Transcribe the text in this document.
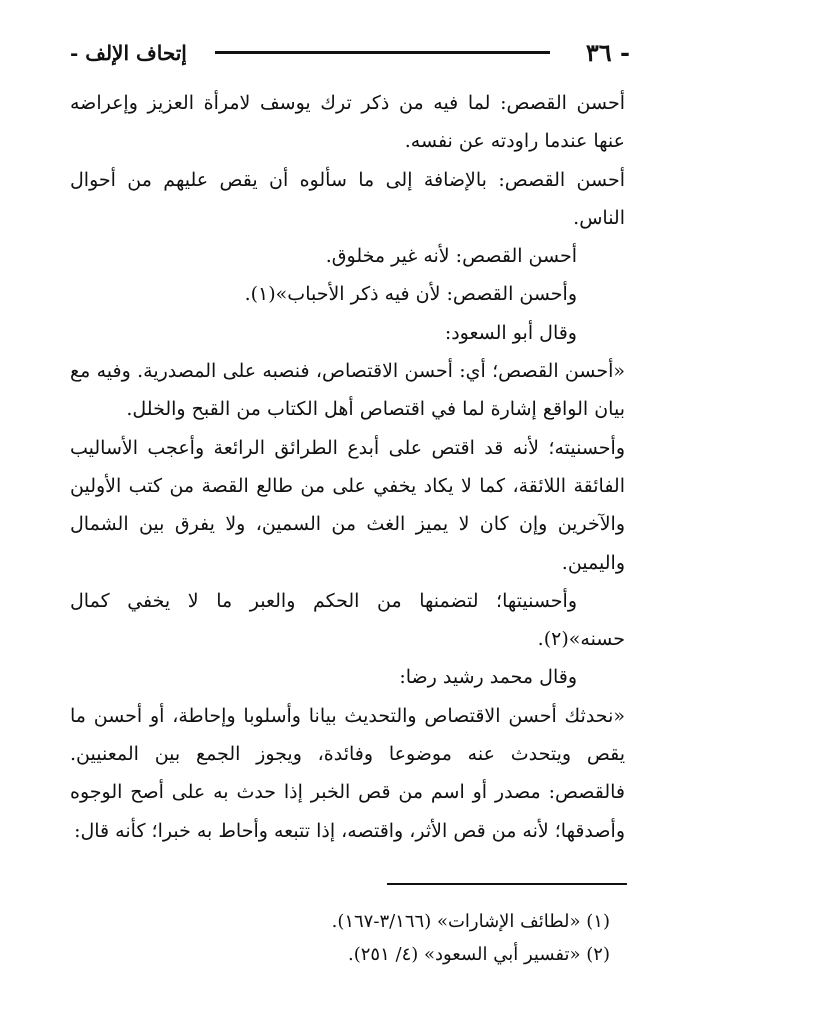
- ٣٦
إتحاف الإلف -

أحسن القصص: لما فيه من ذكر ترك يوسف لامرأة العزيز وإعراضه عنها عندما راودته عن نفسه.

أحسن القصص: بالإضافة إلى ما سألوه أن يقص عليهم من أحوال الناس.

أحسن القصص: لأنه غير مخلوق.

وأحسن القصص: لأن فيه ذكر الأحباب»(١).

وقال أبو السعود:

«أحسن القصص؛ أي: أحسن الاقتصاص، فنصبه على المصدرية. وفيه مع بيان الواقع إشارة لما في اقتصاص أهل الكتاب من القبح والخلل.

وأحسنيته؛ لأنه قد اقتص على أبدع الطرائق الرائعة وأعجب الأساليب الفائقة اللائقة، كما لا يكاد يخفي على من طالع القصة من كتب الأولين والآخرين وإن كان لا يميز الغث من السمين، ولا يفرق بين الشمال واليمين.

وأحسنيتها؛ لتضمنها من الحكم والعبر ما لا يخفي كمال حسنه»(٢).

وقال محمد رشيد رضا:

«نحدثك أحسن الاقتصاص والتحديث بيانا وأسلوبا وإحاطة، أو أحسن ما يقص ويتحدث عنه موضوعا وفائدة، ويجوز الجمع بين المعنيين. فالقصص: مصدر أو اسم من قص الخبر إذا حدث به على أصح الوجوه وأصدقها؛ لأنه من قص الأثر، واقتصه، إذا تتبعه وأحاط به خبرا؛ كأنه قال:

(١) «لطائف الإشارات» (٣/١٦٦-١٦٧).
(٢) «تفسير أبي السعود» (٤/ ٢٥١).
